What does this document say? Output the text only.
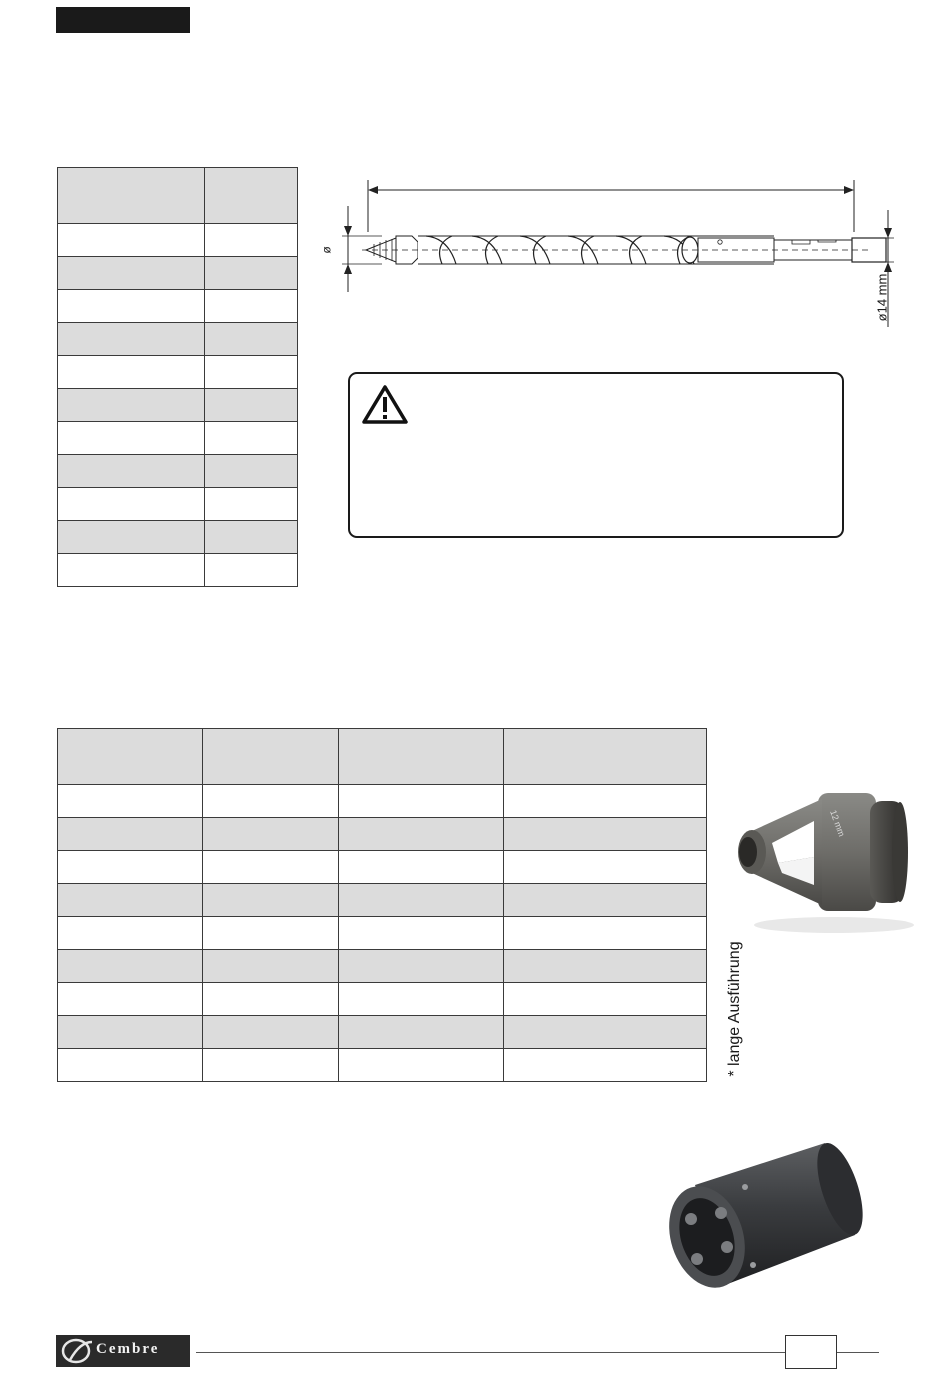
ø14 mm
ø

12 mm
* lange Ausführung
Cembre
